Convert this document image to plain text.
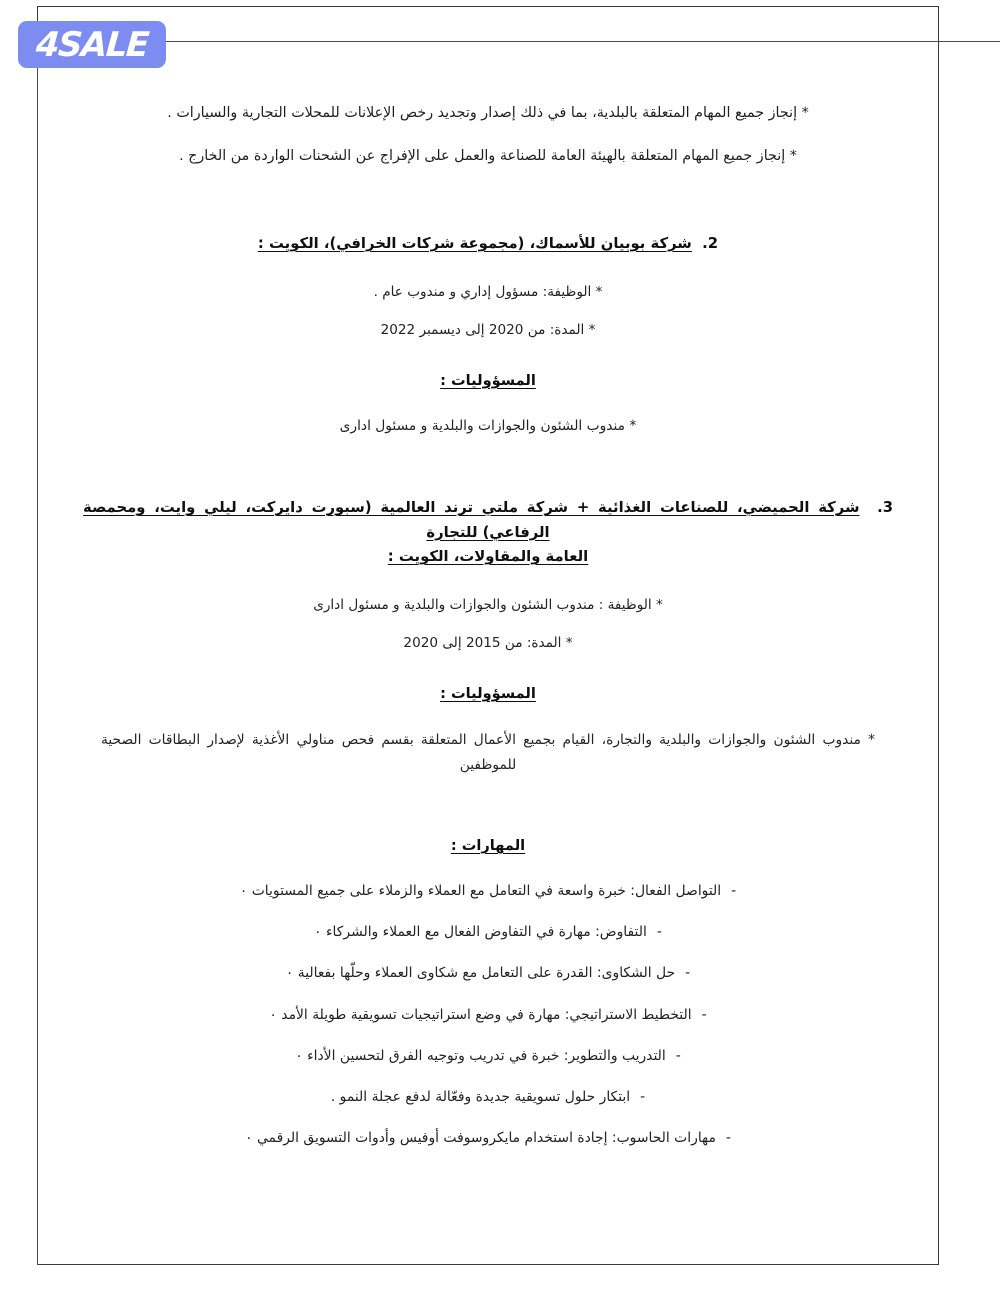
4SALE

* إنجاز جميع المهام المتعلقة بالبلدية، بما في ذلك إصدار وتجديد رخص الإعلانات للمحلات التجارية والسيارات .

* إنجاز جميع المهام المتعلقة بالهيئة العامة للصناعة والعمل على الإفراج عن الشحنات الواردة من الخارج .

2.  شركة بوبيان للأسماك، (مجموعة شركات الخرافي)، الكويت :

* الوظيفة: مسؤول إداري و مندوب عام .

* المدة: من 2020 إلى ديسمبر 2022

المسؤوليات :

* مندوب الشئون والجوازات والبلدية و مسئول ادارى

3.  شركة الحميضي، للصناعات الغذائية + شركة ملتي ترند العالمية (سبورت دايركت، ليلي وايت، ومحمصة الرفاعي) للتجارة

العامة والمقاولات، الكويت :

* الوظيفة : مندوب الشئون والجوازات والبلدية و مسئول ادارى

* المدة: من 2015 إلى 2020

المسؤوليات :

* مندوب الشئون والجوازات والبلدية والتجارة، القيام بجميع الأعمال المتعلقة بقسم فحص مناولي الأغذية لإصدار البطاقات الصحية للموظفين

المهارات :

-التواصل الفعال: خبرة واسعة في التعامل مع العملاء والزملاء على جميع المستويات ٠
-التفاوض: مهارة في التفاوض الفعال مع العملاء والشركاء ٠
-حل الشكاوى: القدرة على التعامل مع شكاوى العملاء وحلّها بفعالية ٠
-التخطيط الاستراتيجي: مهارة في وضع استراتيجيات تسويقية طويلة الأمد ٠
-التدريب والتطوير: خبرة في تدريب وتوجيه الفرق لتحسين الأداء ٠
-ابتكار حلول تسويقية جديدة وفعّالة لدفع عجلة النمو .
-مهارات الحاسوب: إجادة استخدام مايكروسوفت أوفيس وأدوات التسويق الرقمي ٠
